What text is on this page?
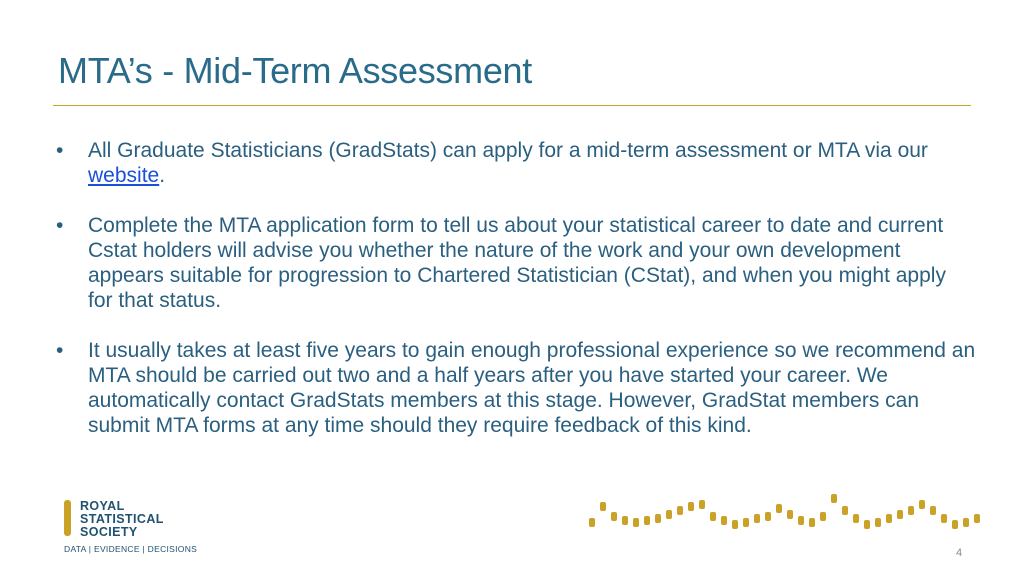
MTA’s - Mid-Term Assessment
•	All Graduate Statisticians (GradStats) can apply for a mid-term assessment or MTA via our website.
•	Complete the MTA application form to tell us about your statistical career to date and current Cstat holders will advise you whether the nature of the work and your own development appears suitable for progression to Chartered Statistician (CStat), and when you might apply for that status.
•	It usually takes at least five years to gain enough professional experience so we recommend an MTA should be carried out two and a half years after you have started your career. We automatically contact GradStats members at this stage. However, GradStat members can submit MTA forms at any time should they require feedback of this kind.
ROYAL
STATISTICAL
SOCIETY
DATA | EVIDENCE | DECISIONS	4
